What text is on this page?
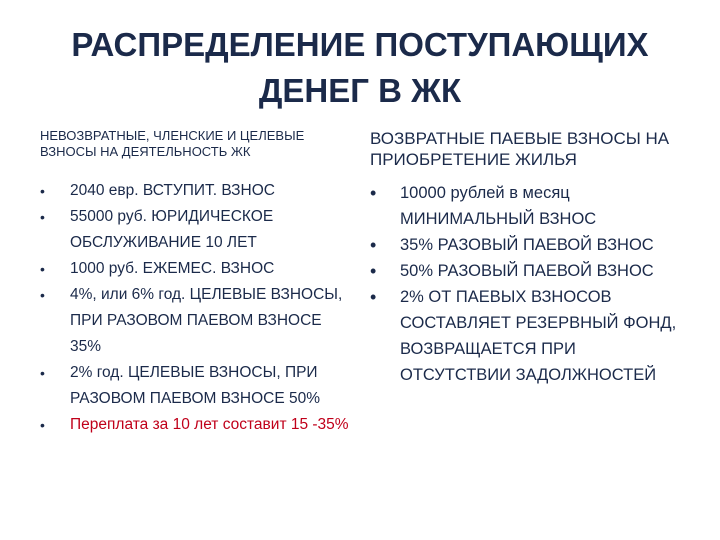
РАСПРЕДЕЛЕНИЕ ПОСТУПАЮЩИХ ДЕНЕГ В ЖК
НЕВОЗВРАТНЫЕ, ЧЛЕНСКИЕ И ЦЕЛЕВЫЕ ВЗНОСЫ НА ДЕЯТЕЛЬНОСТЬ ЖК
•	2040 евр. ВСТУПИТ. ВЗНОС
•	55000 руб. ЮРИДИЧЕСКОЕ ОБСЛУЖИВАНИЕ 10 ЛЕТ
•	1000 руб. ЕЖЕМЕС. ВЗНОС
•	4%, или 6% год. ЦЕЛЕВЫЕ ВЗНОСЫ, ПРИ РАЗОВОМ ПАЕВОМ ВЗНОСЕ 35%
•	2% год. ЦЕЛЕВЫЕ ВЗНОСЫ, ПРИ РАЗОВОМ ПАЕВОМ ВЗНОСЕ 50%
•	Переплата за 10 лет составит 15 -35%
ВОЗВРАТНЫЕ ПАЕВЫЕ ВЗНОСЫ НА ПРИОБРЕТЕНИЕ ЖИЛЬЯ
•	10000 рублей в месяц МИНИМАЛЬНЫЙ ВЗНОС
•	35% РАЗОВЫЙ ПАЕВОЙ ВЗНОС
•	50% РАЗОВЫЙ ПАЕВОЙ ВЗНОС
•	2% ОТ ПАЕВЫХ ВЗНОСОВ СОСТАВЛЯЕТ РЕЗЕРВНЫЙ ФОНД, ВОЗВРАЩАЕТСЯ ПРИ ОТСУТСТВИИ ЗАДОЛЖНОСТЕЙ
